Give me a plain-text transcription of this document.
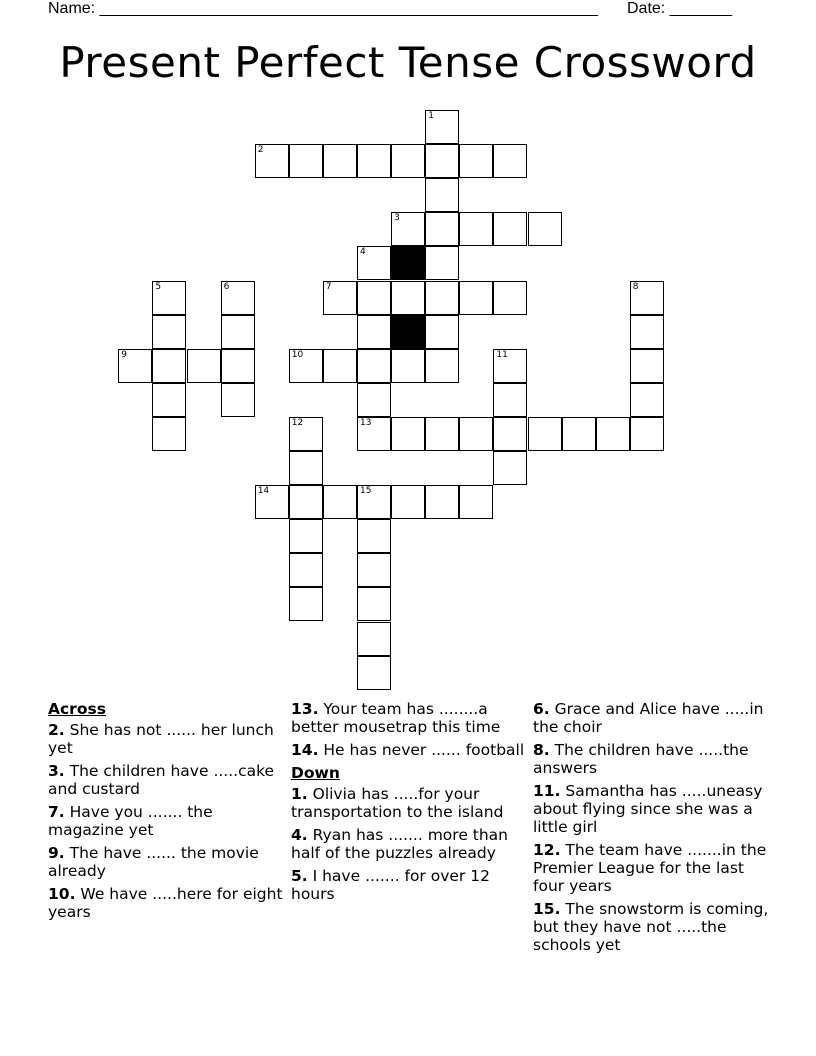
Name: ________________________________________________________ Date: _______
Present Perfect Tense Crossword
1
2
3
4
5	6	7	8
9	10	11
12	13
14	15
Across
2. She has not ...... her lunch yet
3. The children have .....cake and custard
7. Have you ....... the magazine yet
9. The have ...... the movie already
10. We have .....here for eight years
13. Your team has ........a better mousetrap this time
14. He has never ...... football
Down
1. Olivia has .....for your transportation to the island
4. Ryan has ....... more than half of the puzzles already
5. I have ....... for over 12 hours
6. Grace and Alice have .....in the choir
8. The children have .....the answers
11. Samantha has .....uneasy about flying since she was a little girl
12. The team have .......in the Premier League for the last four years
15. The snowstorm is coming, but they have not .....the schools yet
